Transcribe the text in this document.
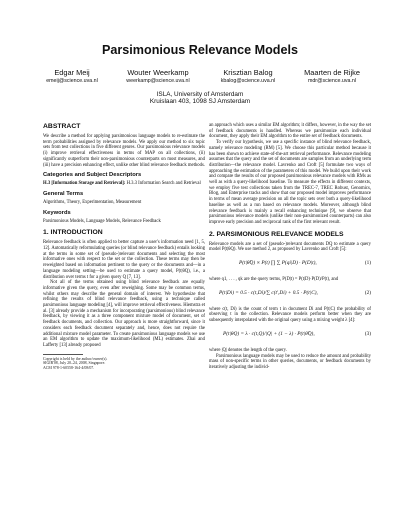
Parsimonious Relevance Models
Edgar Meij
emeij@science.uva.nl
Wouter Weerkamp
weerkamp@science.uva.nl
Krisztian Balog
kbalog@science.uva.nl
Maarten de Rijke
mdr@science.uva.nl
ISLA, University of Amsterdam
Kruislaan 403, 1098 SJ Amsterdam
ABSTRACT

We describe a method for applying parsimonious language models to re-estimate the term probabilities assigned by relevance models. We apply our method to six topic sets from test collections in five different genres. Our parsimonious relevance models (i) improve retrieval effectiveness in terms of MAP on all collections, (ii) significantly outperform their non-parsimonious counterparts on most measures, and (iii) have a precision enhancing effect, unlike other blind relevance feedback methods.

Categories and Subject Descriptors

H.3 [Information Storage and Retrieval]: H.3.3 Information Search and Retrieval

General Terms

Algorithms, Theory, Experimentation, Measurement

Keywords

Parsimonious Models, Language Models, Relevance Feedback

1. INTRODUCTION

Relevance feedback is often applied to better capture a user's information need [1, 5, 12]. Automatically reformulating queries (or blind relevance feedback) entails looking at the terms in some set of (pseudo-)relevant documents and selecting the most informative ones with respect to the set or the collection. These terms may then be reweighted based on information pertinent to the query or the documents and—in a language modeling setting—be used to estimate a query model, P(t|θQ), i.e., a distribution over terms t for a given query Q [7, 13].

Not all of the terms obtained using blind relevance feedback are equally informative given the query, even after reweighing. Some may be common terms, whilst others may describe the general domain of interest. We hypothesize that refining the results of blind relevance feedback, using a technique called parsimonious language modeling [4], will improve retrieval effectiveness. Hiemstra et al. [3] already provide a mechanism for incorporating (parsimonious) blind relevance feedback, by viewing it as a three component mixture model of document, set of feedback documents, and collection. Our approach is more straightforward, since it considers each feedback document separately and, hence, does not require the additional mixture model parameter. To create parsimonious language models we use an EM algorithm to update the maximum-likelihood (ML) estimates. Zhai and Lafferty [13] already proposed

Copyright is held by the author/owner(s).
SIGIR'08, July 20–24, 2008, Singapore.
ACM 978-1-60558-164-4/08/07.

an approach which uses a similar EM algorithm; it differs, however, in the way the set of feedback documents is handled. Whereas we parsimonize each individual document, they apply their EM algorithm to the entire set of feedback documents.

To verify our hypothesis, we use a specific instance of blind relevance feedback, namely relevance modeling (RM) [5]. We choose this particular method because it has been shown to achieve state-of-the-art retrieval performance. Relevance modeling assumes that the query and the set of documents are samples from an underlying term distribution—the relevance model. Lavrenko and Croft [5] formulate two ways of approaching the estimation of the parameters of this model. We build upon their work and compare the results of our proposed parsimonious relevance models with RMs as well as with a query-likelihood baseline. To measure the effects in different contexts, we employ five test collections taken from the TREC-7, TREC Robust, Genomics, Blog, and Enterprise tracks and show that our proposed model improves performance in terms of mean average precision on all the topic sets over both a query-likelihood baseline as well as a run based on relevance models. Moreover, although blind relevance feedback is mainly a recall enhancing technique [9], we observe that parsimonious relevance models (unlike their non-parsimonized counterparts) can also improve early precision and reciprocal rank of the first relevant result.

2. PARSIMONIOUS RELEVANCE MODELS

Relevance models are a set of (pseudo-)relevant documents DQ to estimate a query model P(t|θQ). We use method 2, as proposed by Lavrenko and Croft [5]:

P(t|θ̂Q) ∝ P(t) ∏ ∑ P(qi|D) · P(D|t),	(1)

where q1, . . . , qk are the query terms, P(D|t) = P(t|D)·P(D)/P(t), and

P(t|Di) = 0.5 · c(t,Di)/∑ c(t′,Di) + 0.5 · P(t|C),	(2)

where c(t, Di) is the count of term t in document Di and P(t|C) the probability of observing t in the collection. Relevance models perform better when they are subsequently interpolated with the original query using a mixing weight λ [4]:

P(t|θQ) = λ · c(t,Q)/|Q| + (1 − λ) · P(t|θ̂Q),	(3)

where |Q| denotes the length of the query.

Parsimonious language models may be used to reduce the amount and probability mass of non-specific terms in other queries, documents, or feedback documents by iteratively adjusting the individ-
